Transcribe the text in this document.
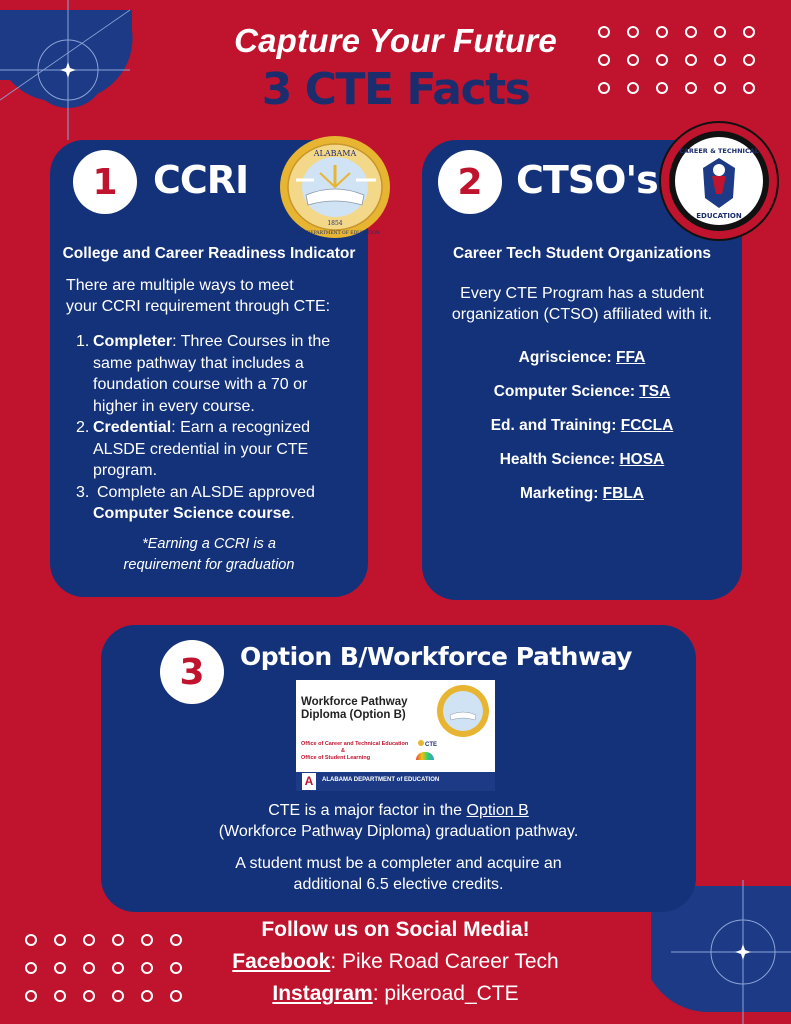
Capture Your Future
3 CTE Facts
1 CCRI
ALABAMA
1854
STATE DEPARTMENT OF EDUCATION
College and Career Readiness Indicator
There are multiple ways to meet
your CCRI requirement through CTE:
1. Completer: Three Courses in the
same pathway that includes a
foundation course with a 70 or
higher in every course.
2. Credential: Earn a recognized
ALSDE credential in your CTE
program.
3. Complete an ALSDE approved
Computer Science course.
*Earning a CCRI is a
requirement for graduation
2 CTSO's
CAREER & TECHNICAL
EDUCATION
Career Tech Student Organizations
Every CTE Program has a student
organization (CTSO) affiliated with it.
Agriscience: FFA
Computer Science: TSA
Ed. and Training: FCCLA
Health Science: HOSA
Marketing: FBLA
3	Option B/Workforce Pathway
Workforce Pathway
Diploma (Option B)
Office of Career and Technical Education
&
Office of Student Learning
CTE
A	ALABAMA DEPARTMENT of EDUCATION
CTE is a major factor in the Option B
(Workforce Pathway Diploma) graduation pathway.
A student must be a completer and acquire an
additional 6.5 elective credits.
Follow us on Social Media!
Facebook: Pike Road Career Tech
Instagram: pikeroad_CTE
